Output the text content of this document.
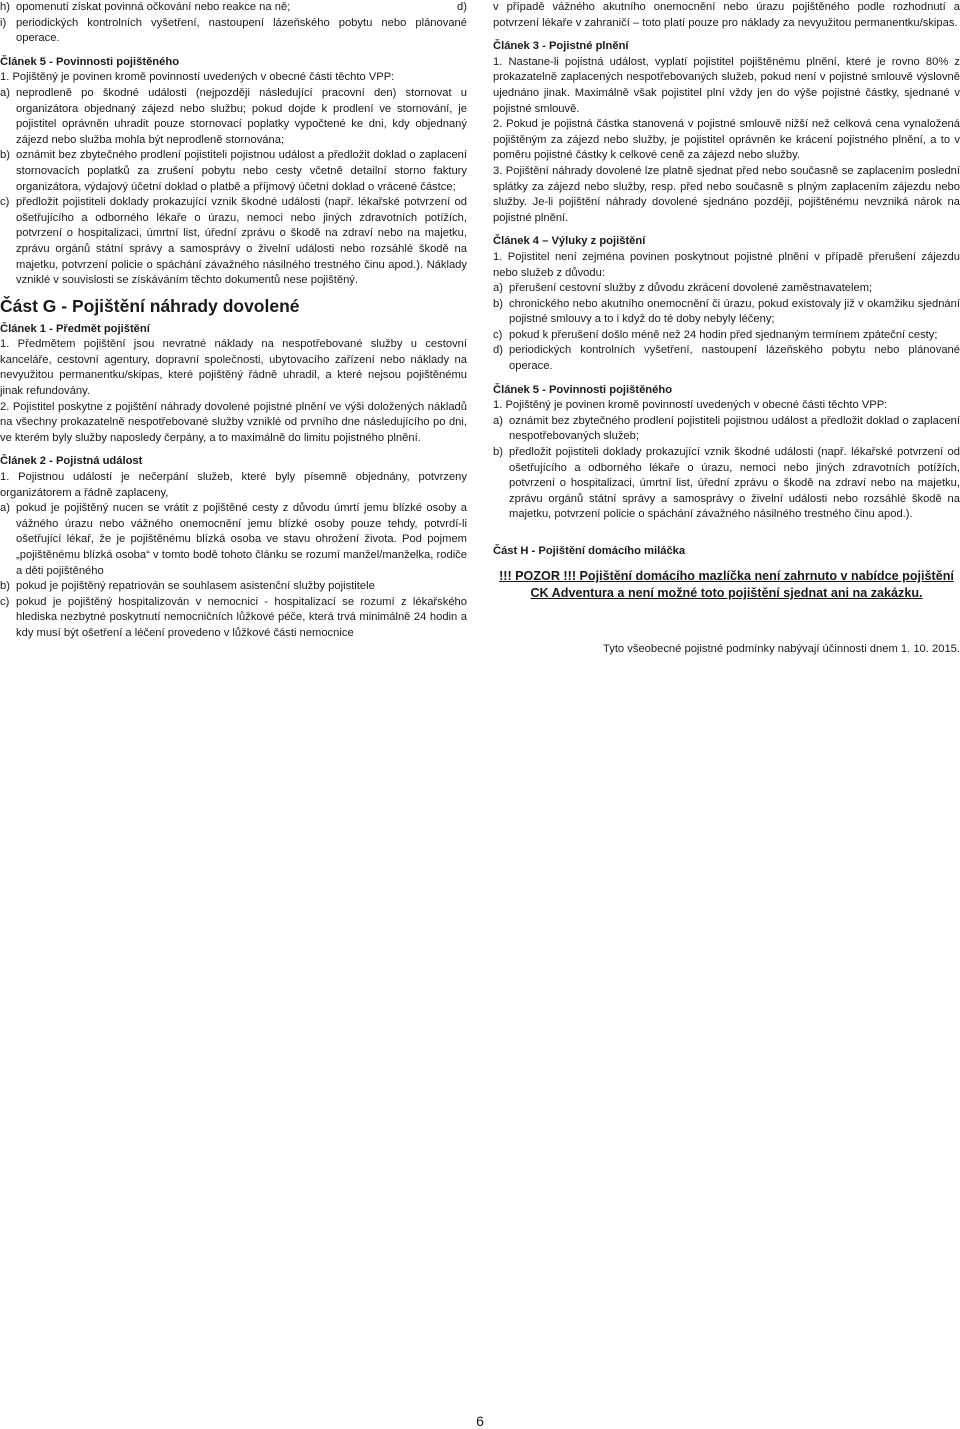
h) opomenutí získat povinná očkování nebo reakce na ně;	d)
i) periodických kontrolních vyšetření, nastoupení lázeňského pobytu nebo plánované operace.

Článek 5 - Povinnosti pojištěného

1. Pojištěný je povinen kromě povinností uvedených v obecné části těchto VPP:

a) neprodleně po škodné události (nejpozději následující pracovní den) stornovat u organizátora objednaný zájezd nebo službu; pokud dojde k prodlení ve stornování, je pojistitel oprávněn uhradit pouze stornovací poplatky vypočtené ke dni, kdy objednaný zájezd nebo služba mohla být neprodleně stornována;
b) oznámit bez zbytečného prodlení pojistiteli pojistnou událost a předložit doklad o zaplacení stornovacích poplatků za zrušení pobytu nebo cesty včetně detailní storno faktury organizátora, výdajový účetní doklad o platbě a příjmový účetní doklad o vrácené částce;
c) předložit pojistiteli doklady prokazující vznik škodné události (např. lékařské potvrzení od ošetřujícího a odborného lékaře o úrazu, nemoci nebo jiných zdravotních potížích, potvrzení o hospitalizaci, úmrtní list, úřední zprávu o škodě na zdraví nebo na majetku, zprávu orgánů státní správy a samosprávy o živelní události nebo rozsáhlé škodě na majetku, potvrzení policie o spáchání závažného násilného trestného činu apod.). Náklady vzniklé v souvislosti se získáváním těchto dokumentů nese pojištěný.

Část G - Pojištění náhrady dovolené

Článek 1 - Předmět pojištění

1. Předmětem pojištění jsou nevratné náklady na nespotřebované služby u cestovní kanceláře, cestovní agentury, dopravní společnosti, ubytovacího zařízení nebo náklady na nevyužitou permanentku/skipas, které pojištěný řádně uhradil, a které nejsou pojištěnému jinak refundovány.

2. Pojistitel poskytne z pojištění náhrady dovolené pojistné plnění ve výši doložených nákladů na všechny prokazatelně nespotřebované služby vzniklé od prvního dne následujícího po dni, ve kterém byly služby naposledy čerpány, a to maximálně do limitu pojistného plnění.

Článek 2 - Pojistná událost

1. Pojistnou událostí je nečerpání služeb, které byly písemně objednány, potvrzeny organizátorem a řádně zaplaceny,

a) pokud je pojištěný nucen se vrátit z pojištěné cesty z důvodu úmrtí jemu blízké osoby a vážného úrazu nebo vážného onemocnění jemu blízké osoby pouze tehdy, potvrdí-li ošetřující lékař, že je pojištěnému blízká osoba ve stavu ohrožení života. Pod pojmem „pojištěnému blízká osoba“ v tomto bodě tohoto článku se rozumí manžel/manželka, rodiče a děti pojištěného
b) pokud je pojištěný repatriován se souhlasem asistenční služby pojistitele
c) pokud je pojištěný hospitalizován v nemocnici - hospitalizací se rozumí z lékařského hlediska nezbytné poskytnutí nemocničních lůžkové péče, která trvá minimálně 24 hodin a kdy musí být ošetření a léčení provedeno v lůžkové části nemocnice

v případě vážného akutního onemocnění nebo úrazu pojištěného podle rozhodnutí a potvrzení lékaře v zahraničí – toto platí pouze pro náklady za nevyužitou permanentku/skipas.

Článek 3 - Pojistné plnění

1. Nastane-li pojistná událost, vyplatí pojistitel pojištěnému plnění, které je rovno 80% z prokazatelně zaplacených nespotřebovaných služeb, pokud není v pojistné smlouvě výslovně ujednáno jinak. Maximálně však pojistitel plní vždy jen do výše pojistné částky, sjednané v pojistné smlouvě.

2. Pokud je pojistná částka stanovená v pojistné smlouvě nižší než celková cena vynaložená pojištěným za zájezd nebo služby, je pojistitel oprávněn ke krácení pojistného plnění, a to v poměru pojistné částky k celkové ceně za zájezd nebo služby.

3. Pojištění náhrady dovolené lze platně sjednat před nebo současně se zaplacením poslední splátky za zájezd nebo služby, resp. před nebo současně s plným zaplacením zájezdu nebo služby. Je-li pojištění náhrady dovolené sjednáno později, pojištěnému nevzniká nárok na pojistné plnění.

Článek 4 – Výluky z pojištění

1. Pojistitel není zejména povinen poskytnout pojistné plnění v případě přerušení zájezdu nebo služeb z důvodu:

a) přerušení cestovní služby z důvodu zkrácení dovolené zaměstnavatelem;
b) chronického nebo akutního onemocnění či úrazu, pokud existovaly již v okamžiku sjednání pojistné smlouvy a to i když do té doby nebyly léčeny;
c) pokud k přerušení došlo méně než 24 hodin před sjednaným termínem zpáteční cesty;
d) periodických kontrolních vyšetření, nastoupení lázeňského pobytu nebo plánované operace.

Článek 5 - Povinnosti pojištěného

1. Pojištěný je povinen kromě povinností uvedených v obecné části těchto VPP:

a) oznámit bez zbytečného prodlení pojistiteli pojistnou událost a předložit doklad o zaplacení nespotřebovaných služeb;
b) předložit pojistiteli doklady prokazující vznik škodné události (např. lékařské potvrzení od ošetřujícího a odborného lékaře o úrazu, nemoci nebo jiných zdravotních potížích, potvrzení o hospitalizaci, úmrtní list, úřední zprávu o škodě na zdraví nebo na majetku, zprávu orgánů státní správy a samosprávy o živelní události nebo rozsáhlé škodě na majetku, potvrzení policie o spáchání závažného násilného trestného činu apod.).

Část H - Pojištění domácího miláčka

!!! POZOR !!! Pojištění domácího mazlíčka není zahrnuto v nabídce pojištění

CK Adventura a není možné toto pojištění sjednat ani na zakázku.

Tyto všeobecné pojistné podmínky nabývají účinnosti dnem 1. 10. 2015.

6
